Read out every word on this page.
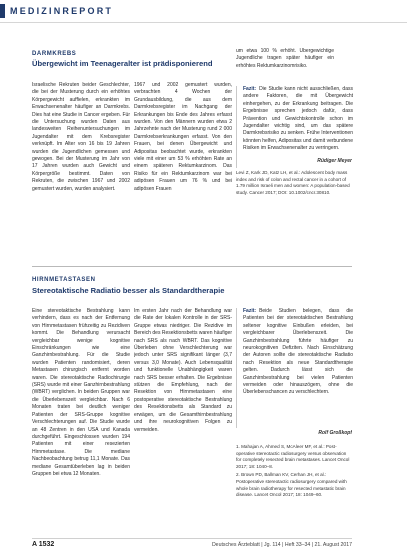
MEDIZINREPORT
DARMKREBS
Übergewicht im Teenageralter ist prädisponierend

Israelische Rekruten beider Geschlechter, die bei der Musterung durch ein erhöhtes Körpergewicht auffielen, erkrankten im Erwachsenenalter häufiger an Darmkrebs. Dies hat eine Studie in Cancer ergeben. Für die Untersuchung wurden Daten aus landesweiten Reihenuntersuchungen im Jugendalter mit dem Krebsregister verknüpft. Im Alter von 16 bis 19 Jahren wurden die Jugendlichen gemessen und gewogen. Bei der Musterung im Jahr von 17 Jahren wurden auch Gewicht und Körpergröße bestimmt. Daten von Rekruten, die zwischen 1967 und 2002 gemustert wurden, wurden analysiert.

1967 und 2002 gemustert wurden, verbrachten 4 Wochen der Grundausbildung, die aus dem Darmkrebsregister im Nachgang der Erkrankungen bis Ende des Jahres erfasst wurden. Von den Männern wurden etwa 2 Jahrzehnte nach der Musterung rund 2 000 Darmkrebserkrankungen erfasst. Von den Frauen, bei denen Übergewicht und Adipositas beobachtet wurde, erkrankten viele mit einer um 53 % erhöhten Rate an einem späteren Rektumkarzinom. Das Risiko für ein Rektumkarzinom war bei adipösen Frauen um 76 % und bei adipösen Frauen

um etwa 100 % erhöht. Übergewichtige Jugendliche tragen später häufiger ein erhöhtes Rektumkarzinomrisiko.

Fazit: Die Studie kann nicht ausschließen, dass andere Faktoren, die mit Übergewicht einhergehen, zu der Erkrankung beitragen. Die Ergebnisse sprechen jedoch dafür, dass Prävention und Gewichtskontrolle schon im Jugendalter wichtig sind, um das spätere Darmkrebsrisiko zu senken. Frühe Interventionen könnten helfen, Adipositas und damit verbundene Risiken im Erwachsenenalter zu verringern.

Rüdiger Meyer
Levi Z, Kark JD, Katz LH, et al.: Adolescent body mass index and risk of colon and rectal cancer in a cohort of 1.79 million Israeli men and women: A population-based study. Cancer 2017; DOI: 10.1002/cncr.30810.
HIRNMETASTASEN
Stereotaktische Radiatio besser als Standardtherapie

Eine stereotaktische Bestrahlung kann verhindern, dass es nach der Entfernung von Hirnmetastasen frühzeitig zu Rezidiven kommt. Die Behandlung verursacht vergleichbar wenige kognitive Einschränkungen wie eine Ganzhirnbestrahlung. Für die Studie wurden Patienten randomisiert, deren Metastasen chirurgisch entfernt worden waren. Die stereotaktische Radiochirurgie (SRS) wurde mit einer Ganzhirnbestrahlung (WBRT) verglichen. In beiden Gruppen war die Überlebenszeit vergleichbar. Nach 6 Monaten traten bei deutlich weniger Patienten der SRS-Gruppe kognitive Verschlechterungen auf. Die Studie wurde an 48 Zentren in den USA und Kanada durchgeführt. Eingeschlossen wurden 194 Patienten mit einer resezierten Hirnmetastase. Die mediane Nachbeobachtung betrug 11,1 Monate. Das mediane Gesamtüberleben lag in beiden Gruppen bei etwa 12 Monaten.

Im ersten Jahr nach der Behandlung war die Rate der lokalen Kontrolle in der SRS-Gruppe etwas niedriger. Die Rezidive im Bereich des Resektionsbetts waren häufiger nach SRS als nach WBRT. Das kognitive Überleben ohne Verschlechterung war jedoch unter SRS signifikant länger (3,7 versus 3,0 Monate). Auch Lebensqualität und funktionelle Unabhängigkeit waren nach SRS besser erhalten. Die Ergebnisse stützen die Empfehlung, nach der Resektion von Hirnmetastasen eine postoperative stereotaktische Bestrahlung des Resektionsbetts als Standard zu erwägen, um die Gesamthirnbestrahlung und ihre neurokognitiven Folgen zu vermeiden.

Fazit: Beide Studien belegen, dass die Patienten bei der stereotaktischen Bestrahlung seltener kognitive Einbußen erleiden, bei vergleichbarer Überlebenszeit. Die Ganzhirnbestrahlung führte häufiger zu neurokognitiven Defiziten. Nach Einschätzung der Autoren sollte die stereotaktische Radiatio nach Resektion als neue Standardtherapie gelten. Dadurch lässt sich die Ganzhirnbestrahlung bei vielen Patienten vermeiden oder hinauszögern, ohne die Überlebenschancen zu verschlechtern.

Rolf Großkopf
1. Mahajan A, Ahmed S, McAleer MF, et al.: Post-operative stereotactic radiosurgery versus observation for completely resected brain metastases. Lancet Oncol 2017; 18: 1040–8.
2. Brown PD, Ballman KV, Cerhan JH, et al.: Postoperative stereotactic radiosurgery compared with whole brain radiotherapy for resected metastatic brain disease. Lancet Oncol 2017; 18: 1049–60.
A 1532	Deutsches Ärzteblatt | Jg. 114 | Heft 33–34 | 21. August 2017
